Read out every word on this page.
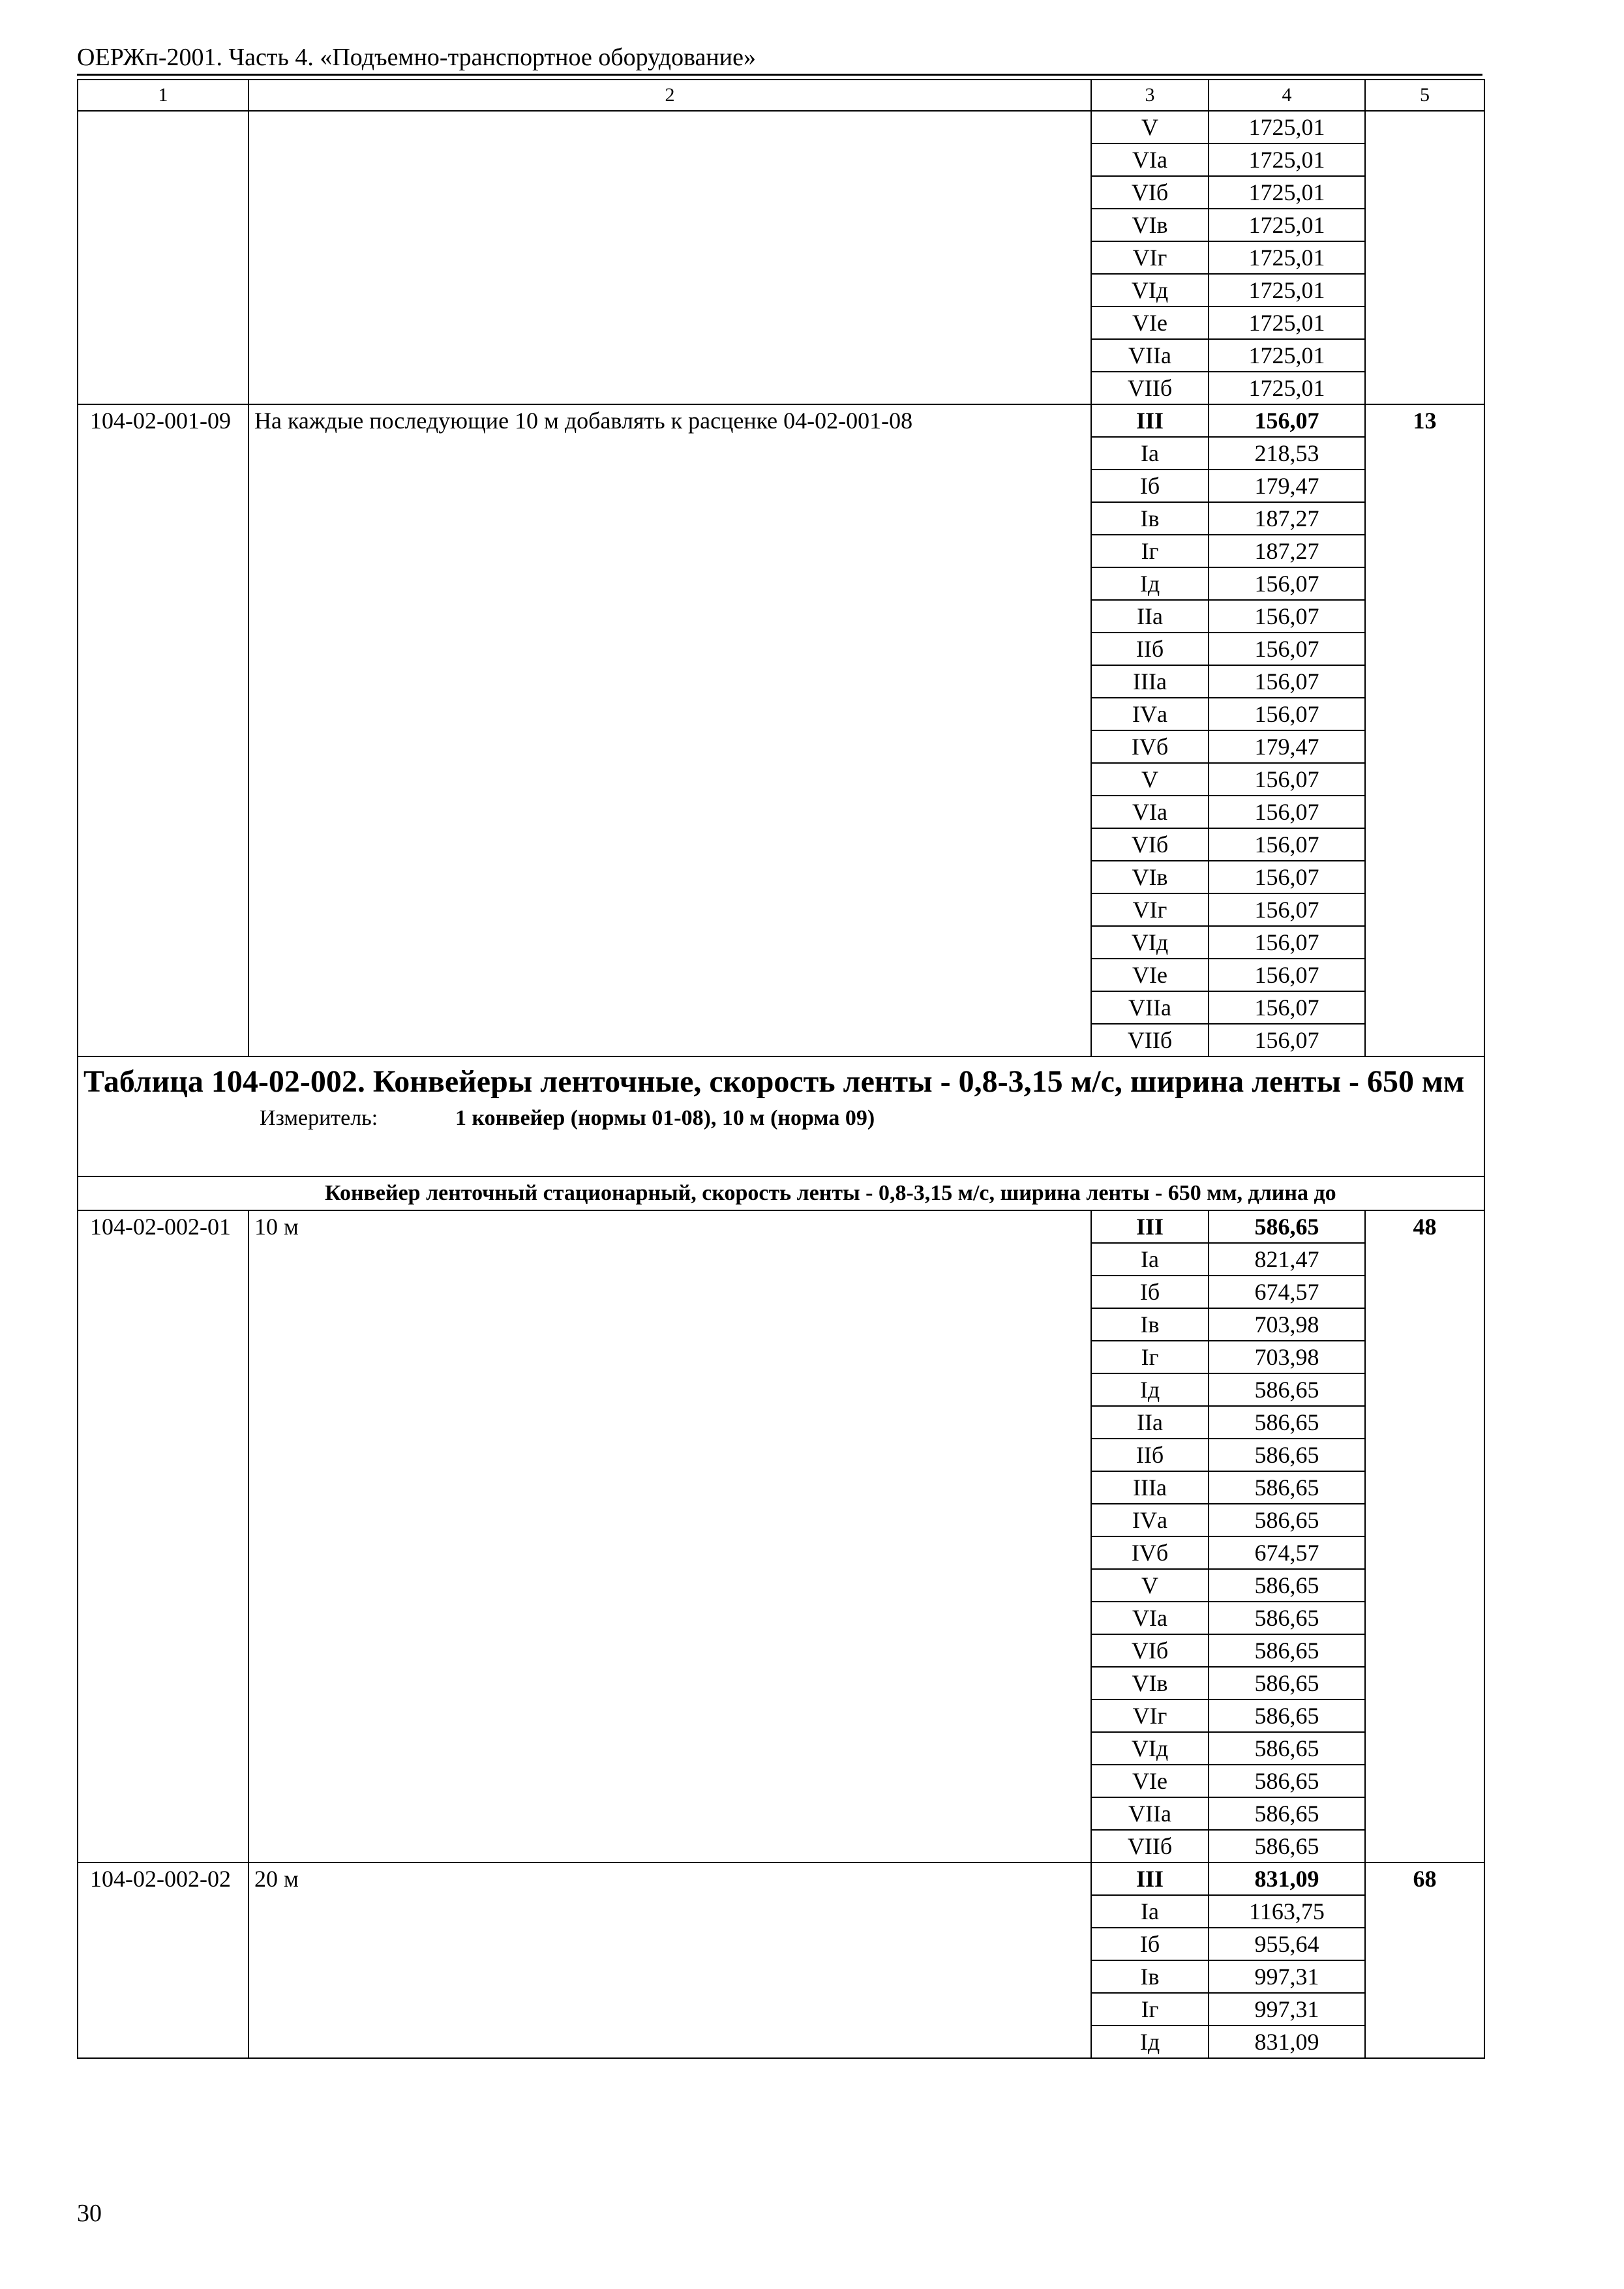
ОЕРЖп-2001. Часть 4. «Подъемно-транспортное оборудование»
1	2	3	4	5
		V	1725,01	
		VIа	1725,01	
		VIб	1725,01	
		VIв	1725,01	
		VIг	1725,01	
		VIд	1725,01	
		VIе	1725,01	
		VIIа	1725,01	
		VIIб	1725,01	
104-02-001-09	На каждые последующие 10 м добавлять к расценке 04-02-001-08	III	156,07	13
		Iа	218,53	
		Iб	179,47	
		Iв	187,27	
		Iг	187,27	
		Iд	156,07	
		IIа	156,07	
		IIб	156,07	
		IIIа	156,07	
		IVа	156,07	
		IVб	179,47	
		V	156,07	
		VIа	156,07	
		VIб	156,07	
		VIв	156,07	
		VIг	156,07	
		VIд	156,07	
		VIе	156,07	
		VIIа	156,07	
		VIIб	156,07	

Таблица 104-02-002. Конвейеры ленточные, скорость ленты - 0,8-3,15 м/с, ширина ленты - 650 мм
Измеритель: 1 конвейер (нормы 01-08), 10 м (норма 09)				

Конвейер ленточный стационарный, скорость ленты - 0,8-3,15 м/с, ширина ленты - 650 мм, длина до				
104-02-002-01	10 м	III	586,65	48
		Iа	821,47	
		Iб	674,57	
		Iв	703,98	
		Iг	703,98	
		Iд	586,65	
		IIа	586,65	
		IIб	586,65	
		IIIа	586,65	
		IVа	586,65	
		IVб	674,57	
		V	586,65	
		VIа	586,65	
		VIб	586,65	
		VIв	586,65	
		VIг	586,65	
		VIд	586,65	
		VIе	586,65	
		VIIа	586,65	
		VIIб	586,65	
104-02-002-02	20 м	III	831,09	68
		Iа	1163,75	
		Iб	955,64	
		Iв	997,31	
		Iг	997,31	
		Iд	831,09	
30
